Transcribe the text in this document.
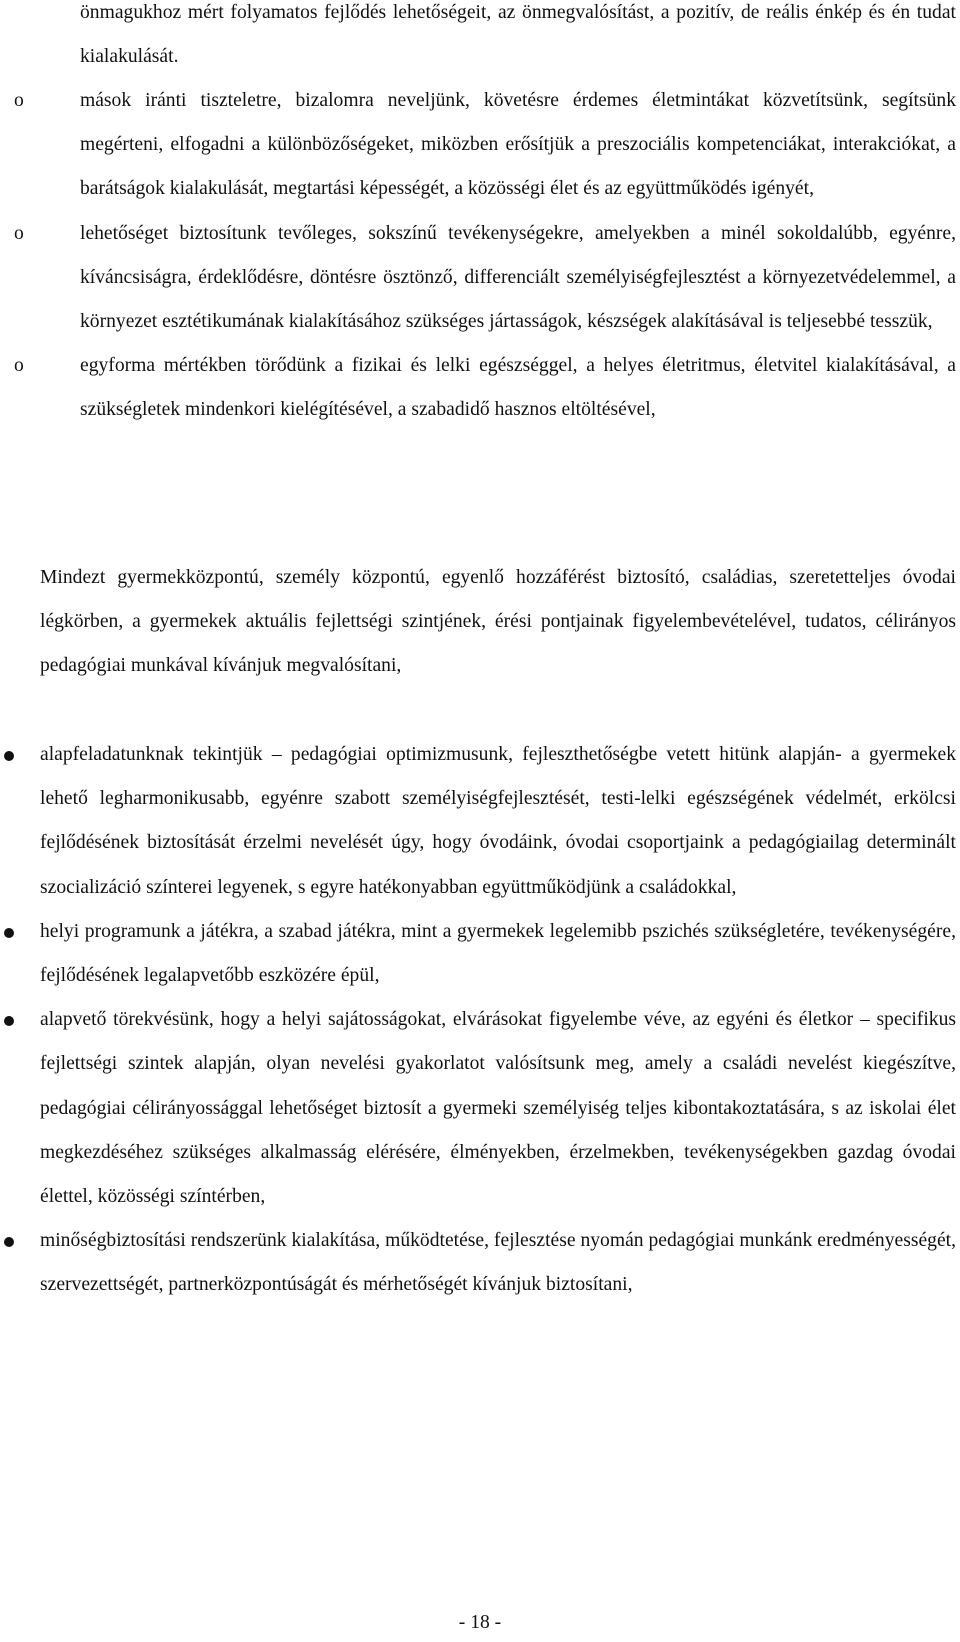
önmagukhoz mért folyamatos fejlődés lehetőségeit, az önmegvalósítást, a pozitív, de reális énkép és én tudat kialakulását.

o	mások iránti tiszteletre, bizalomra neveljünk, követésre érdemes életmintákat közvetítsünk, segítsünk megérteni, elfogadni a különbözőségeket, miközben erősítjük a preszociális kompetenciákat, interakciókat, a barátságok kialakulását, megtartási képességét, a közösségi élet és az együttműködés igényét,
o	lehetőséget biztosítunk tevőleges, sokszínű tevékenységekre, amelyekben a minél sokoldalúbb, egyénre, kíváncsiságra, érdeklődésre, döntésre ösztönző, differenciált személyiségfejlesztést a környezetvédelemmel, a környezet esztétikumának kialakításához szükséges jártasságok, készségek alakításával is teljesebbé tesszük,
o	egyforma mértékben törődünk a fizikai és lelki egészséggel, a helyes életritmus, életvitel kialakításával, a szükségletek mindenkori kielégítésével, a szabadidő hasznos eltöltésével,

Mindezt gyermekközpontú, személy központú, egyenlő hozzáférést biztosító, családias, szeretetteljes óvodai légkörben, a gyermekek aktuális fejlettségi szintjének, érési pontjainak figyelembevételével, tudatos, célirányos pedagógiai munkával kívánjuk megvalósítani,

alapfeladatunknak tekintjük – pedagógiai optimizmusunk, fejleszthetőségbe vetett hitünk alapján- a gyermekek lehető legharmonikusabb, egyénre szabott személyiségfejlesztését, testi-lelki egészségének védelmét, erkölcsi fejlődésének biztosítását érzelmi nevelését úgy, hogy óvodáink, óvodai csoportjaink a pedagógiailag determinált szocializáció színterei legyenek, s egyre hatékonyabban együttműködjünk a családokkal,
helyi programunk a játékra, a szabad játékra, mint a gyermekek legelemibb pszichés szükségletére, tevékenységére, fejlődésének legalapvetőbb eszközére épül,
alapvető törekvésünk, hogy a helyi sajátosságokat, elvárásokat figyelembe véve, az egyéni és életkor – specifikus fejlettségi szintek alapján, olyan nevelési gyakorlatot valósítsunk meg, amely a családi nevelést kiegészítve, pedagógiai célirányossággal lehetőséget biztosít a gyermeki személyiség teljes kibontakoztatására, s az iskolai élet megkezdéséhez szükséges alkalmasság elérésére, élményekben, érzelmekben, tevékenységekben gazdag óvodai élettel, közösségi színtérben,
minőségbiztosítási rendszerünk kialakítása, működtetése, fejlesztése nyomán pedagógiai munkánk eredményességét, szervezettségét, partnerközpontúságát és mérhetőségét kívánjuk biztosítani,
- 18 -
